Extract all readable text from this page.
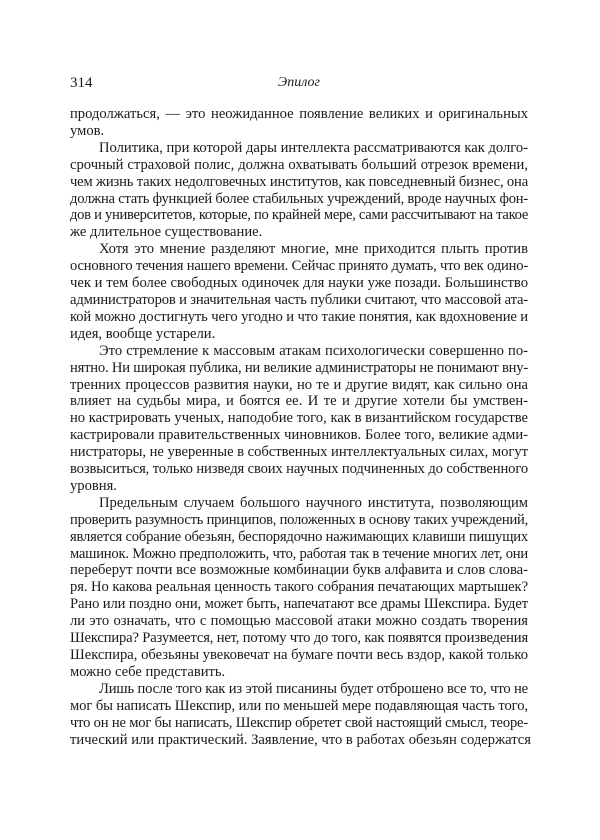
314	Эпилог

продолжаться, — это неожиданное появление великих и оригинальных
умов.

Политика, при которой дары интеллекта рассматриваются как долго-
срочный страховой полис, должна охватывать больший отрезок времени,
чем жизнь таких недолговечных институтов, как повседневный бизнес, она
должна стать функцией более стабильных учреждений, вроде научных фон-
дов и университетов, которые, по крайней мере, сами рассчитывают на такое
же длительное существование.

Хотя это мнение разделяют многие, мне приходится плыть против
основного течения нашего времени. Сейчас принято думать, что век одино-
чек и тем более свободных одиночек для науки уже позади. Большинство
администраторов и значительная часть публики считают, что массовой ата-
кой можно достигнуть чего угодно и что такие понятия, как вдохновение и
идея, вообще устарели.

Это стремление к массовым атакам психологически совершенно по-
нятно. Ни широкая публика, ни великие администраторы не понимают вну-
тренних процессов развития науки, но те и другие видят, как сильно она
влияет на судьбы мира, и боятся ее. И те и другие хотели бы умствен-
но кастрировать ученых, наподобие того, как в византийском государстве
кастрировали правительственных чиновников. Более того, великие адми-
нистраторы, не уверенные в собственных интеллектуальных силах, могут
возвыситься, только низведя своих научных подчиненных до собственного
уровня.

Предельным случаем большого научного института, позволяющим
проверить разумность принципов, положенных в основу таких учреждений,
является собрание обезьян, беспорядочно нажимающих клавиши пишущих
машинок. Можно предположить, что, работая так в течение многих лет, они
переберут почти все возможные комбинации букв алфавита и слов слова-
ря. Но какова реальная ценность такого собрания печатающих мартышек?
Рано или поздно они, может быть, напечатают все драмы Шекспира. Будет
ли это означать, что с помощью массовой атаки можно создать творения
Шекспира? Разумеется, нет, потому что до того, как появятся произведения
Шекспира, обезьяны увековечат на бумаге почти весь вздор, какой только
можно себе представить.

Лишь после того как из этой писанины будет отброшено все то, что не
мог бы написать Шекспир, или по меньшей мере подавляющая часть того,
что он не мог бы написать, Шекспир обретет свой настоящий смысл, теоре-
тический или практический. Заявление, что в работах обезьян содержатся
